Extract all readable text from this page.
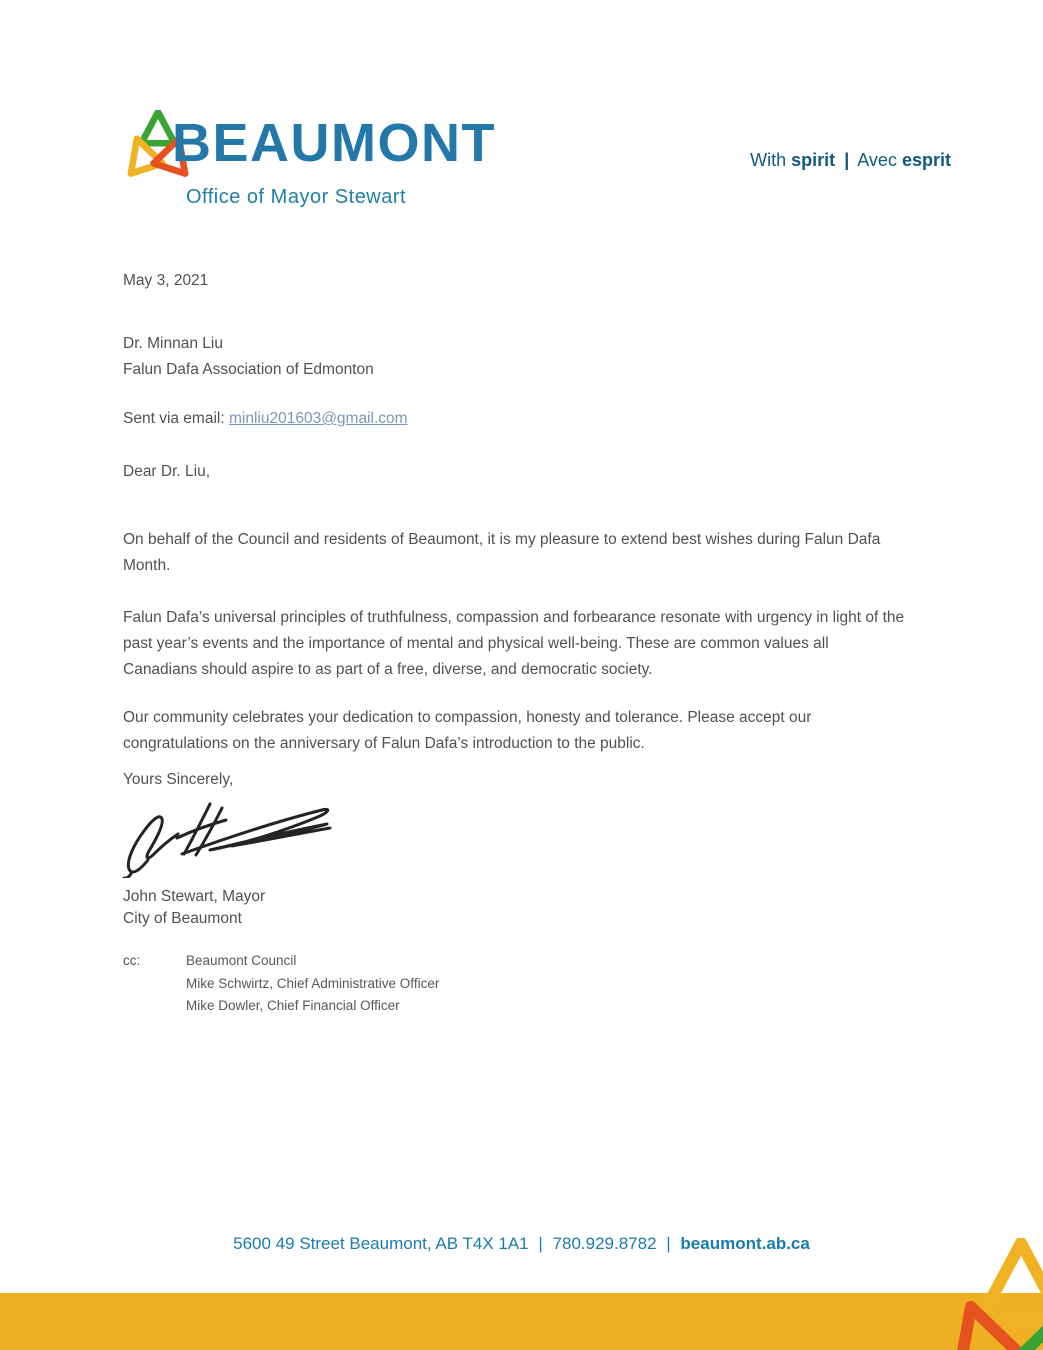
BEAUMONT
Office of Mayor Stewart
With spirit | Avec esprit
May 3, 2021
Dr. Minnan Liu
Falun Dafa Association of Edmonton
Sent via email: minliu201603@gmail.com
Dear Dr. Liu,

On behalf of the Council and residents of Beaumont, it is my pleasure to extend best wishes during Falun Dafa Month.

Falun Dafa’s universal principles of truthfulness, compassion and forbearance resonate with urgency in light of the past year’s events and the importance of mental and physical well-being. These are common values all Canadians should aspire to as part of a free, diverse, and democratic society.

Our community celebrates your dedication to compassion, honesty and tolerance. Please accept our congratulations on the anniversary of Falun Dafa’s introduction to the public.

Yours Sincerely,
John Stewart, Mayor
City of Beaumont
cc:	Beaumont Council
Mike Schwirtz, Chief Administrative Officer
Mike Dowler, Chief Financial Officer
5600 49 Street Beaumont, AB T4X 1A1 | 780.929.8782 | beaumont.ab.ca
